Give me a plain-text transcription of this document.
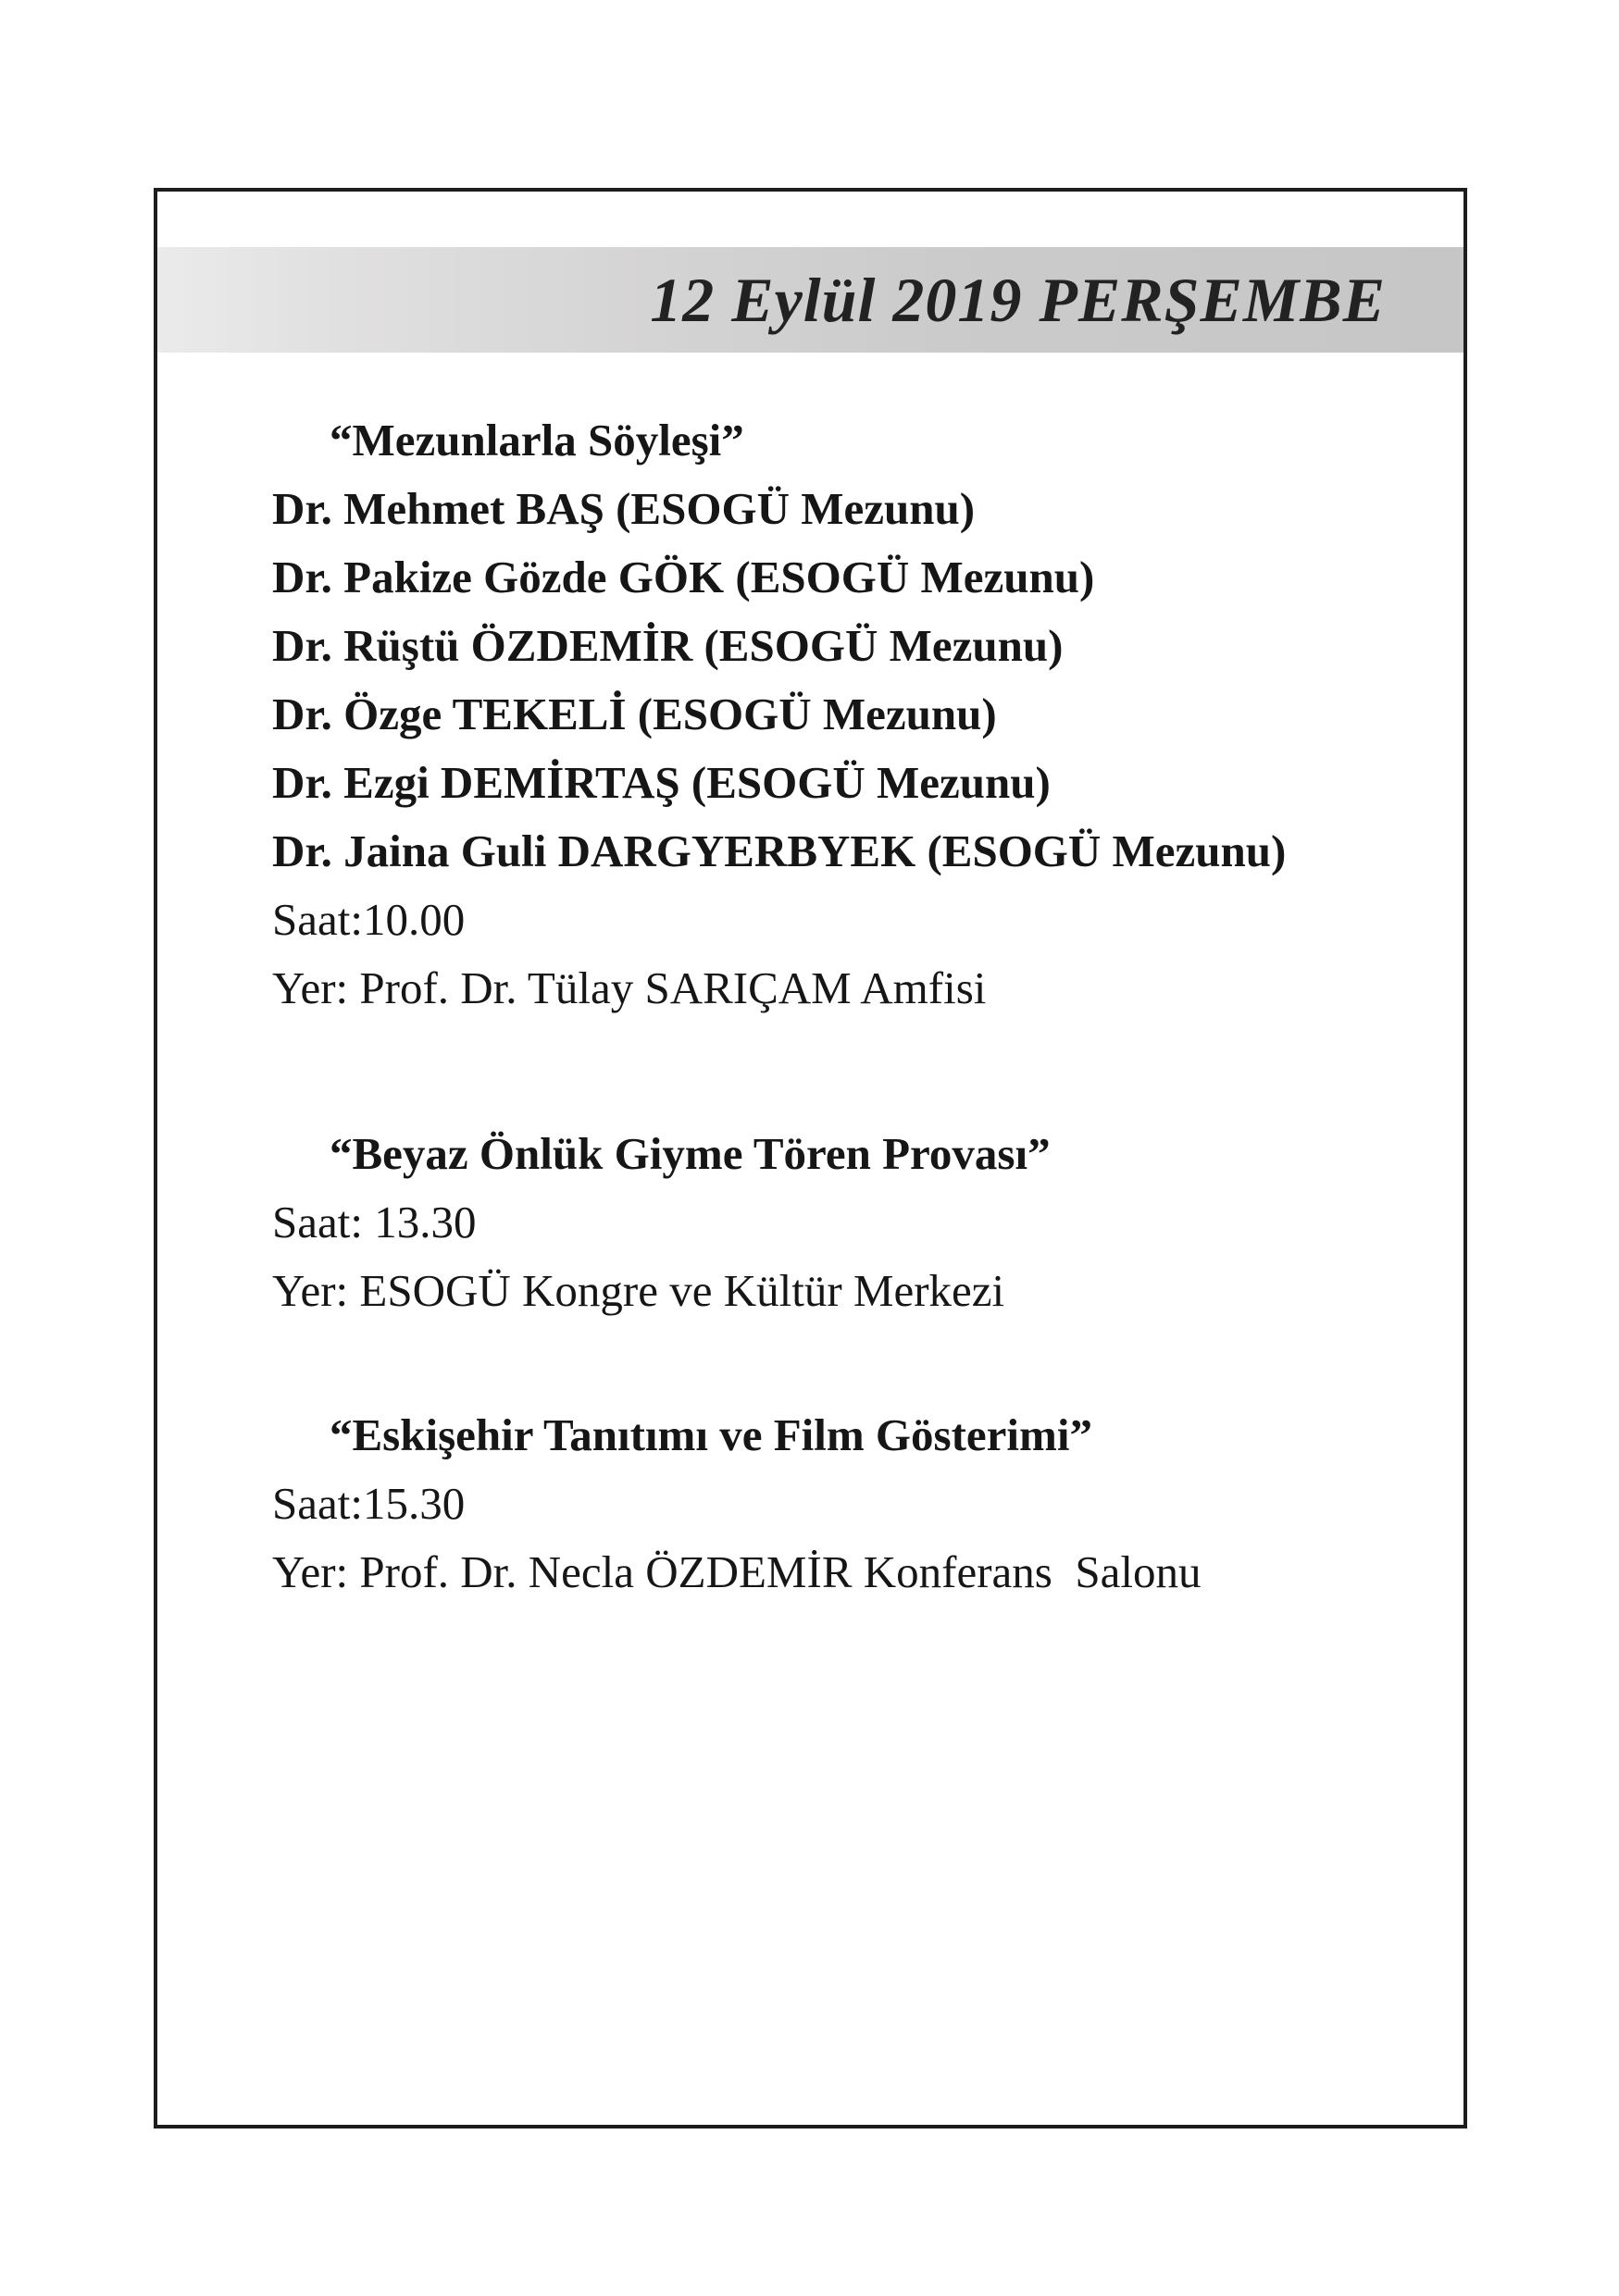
12 Eylül 2019 PERŞEMBE
“Mezunlarla Söyleşi”
Dr. Mehmet BAŞ (ESOGÜ Mezunu)
Dr. Pakize Gözde GÖK (ESOGÜ Mezunu)
Dr. Rüştü ÖZDEMİR (ESOGÜ Mezunu)
Dr. Özge TEKELİ (ESOGÜ Mezunu)
Dr. Ezgi DEMİRTAŞ (ESOGÜ Mezunu)
Dr. Jaina Guli DARGYERBYEK (ESOGÜ Mezunu)
Saat:10.00
Yer: Prof. Dr. Tülay SARIÇAM Amfisi
“Beyaz Önlük Giyme Tören Provası”
Saat: 13.30
Yer: ESOGÜ Kongre ve Kültür Merkezi
“Eskişehir Tanıtımı ve Film Gösterimi”
Saat:15.30
Yer: Prof. Dr. Necla ÖZDEMİR Konferans  Salonu
